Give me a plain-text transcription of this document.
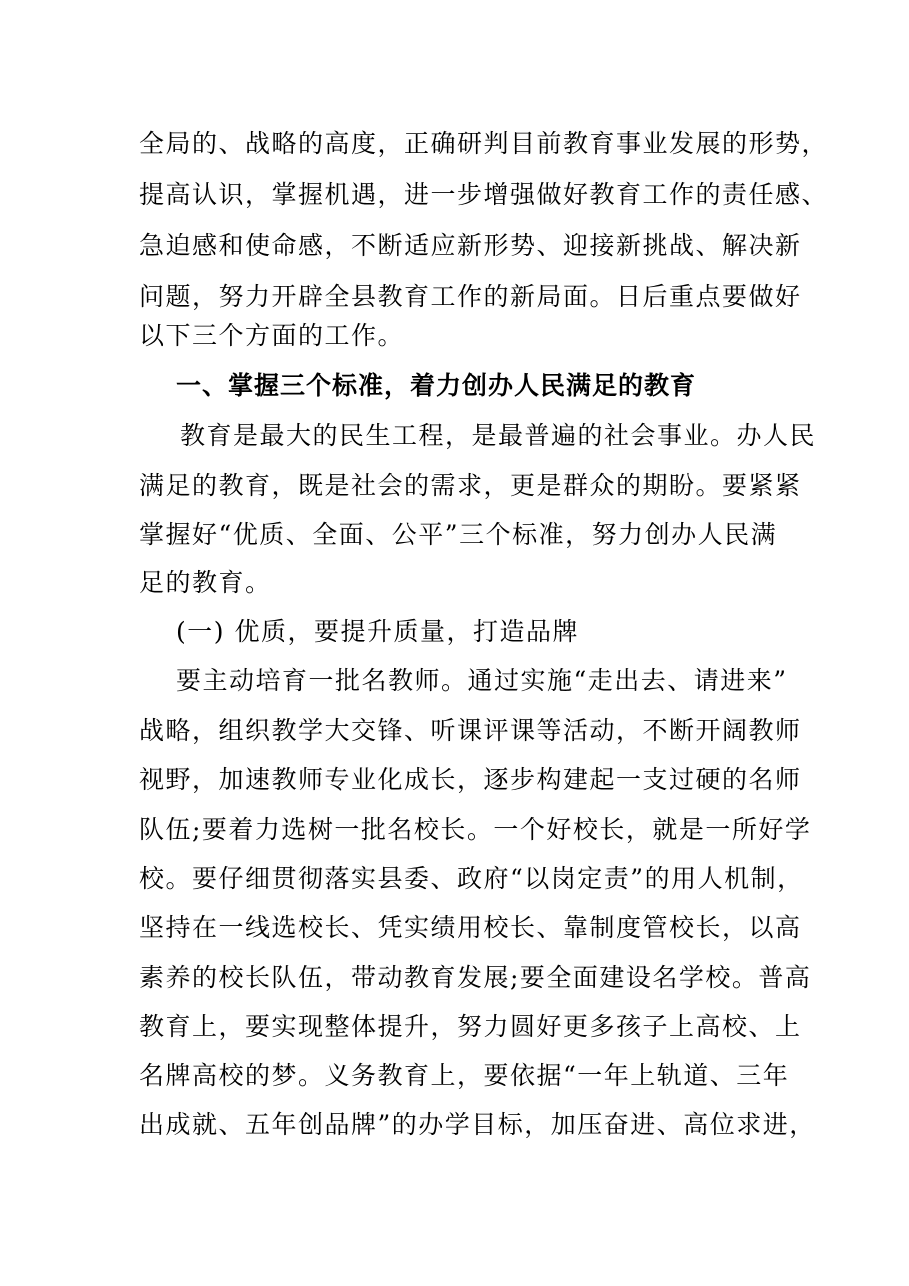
全局的、战略的高度，正确研判目前教育事业发展的形势，
提高认识，掌握机遇，进一步增强做好教育工作的责任感、
急迫感和使命感，不断适应新形势、迎接新挑战、解决新
问题，努力开辟全县教育工作的新局面。日后重点要做好
以下三个方面的工作。
一、掌握三个标准，着力创办人民满足的教育
教育是最大的民生工程，是最普遍的社会事业。办人民
满足的教育，既是社会的需求，更是群众的期盼。要紧紧
掌握好“优质、全面、公平”三个标准，努力创办人民满
足的教育。
(一) 优质，要提升质量，打造品牌
要主动培育一批名教师。通过实施“走出去、请进来”
战略，组织教学大交锋、听课评课等活动，不断开阔教师
视野，加速教师专业化成长，逐步构建起一支过硬的名师
队伍;要着力选树一批名校长。一个好校长，就是一所好学
校。要仔细贯彻落实县委、政府“以岗定责”的用人机制，
坚持在一线选校长、凭实绩用校长、靠制度管校长，以高
素养的校长队伍，带动教育发展;要全面建设名学校。普高
教育上，要实现整体提升，努力圆好更多孩子上高校、上
名牌高校的梦。义务教育上，要依据“一年上轨道、三年
出成就、五年创品牌”的办学目标，加压奋进、高位求进，
